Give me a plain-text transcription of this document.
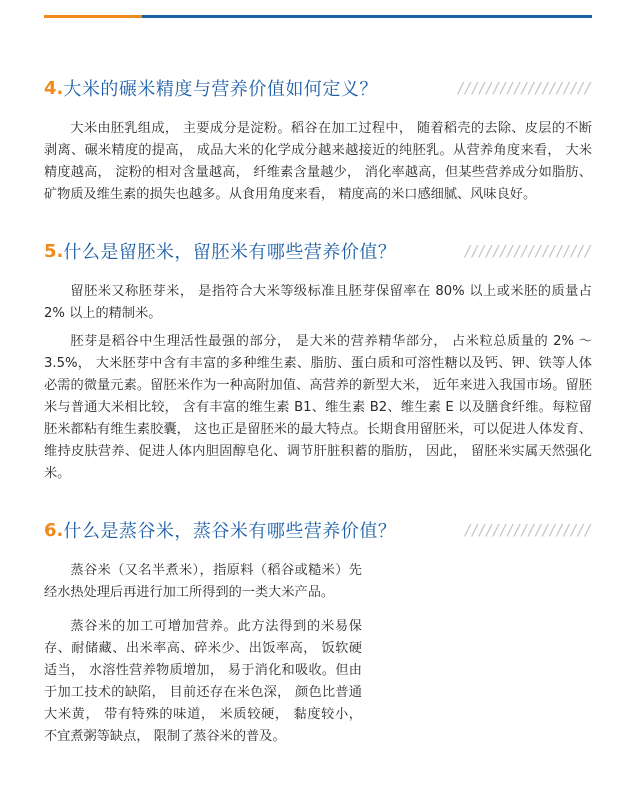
4. 大米的碾米精度与营养价值如何定义？	///////////////////

大米由胚乳组成， 主要成分是淀粉。稻谷在加工过程中， 随着稻壳的去除、皮层的不断剥离、碾米精度的提高， 成品大米的化学成分越来越接近的纯胚乳。从营养角度来看， 大米精度越高， 淀粉的相对含量越高， 纤维素含量越少， 消化率越高，但某些营养成分如脂肪、矿物质及维生素的损失也越多。从食用角度来看， 精度高的米口感细腻、风味良好。

5. 什么是留胚米，留胚米有哪些营养价值？	//////////////////

留胚米又称胚芽米， 是指符合大米等级标准且胚芽保留率在 80% 以上或米胚的质量占 2% 以上的精制米。

胚芽是稻谷中生理活性最强的部分， 是大米的营养精华部分， 占米粒总质量的 2% ～ 3.5%， 大米胚芽中含有丰富的多种维生素、脂肪、蛋白质和可溶性糖以及钙、钾、铁等人体必需的微量元素。留胚米作为一种高附加值、高营养的新型大米， 近年来进入我国市场。留胚米与普通大米相比较， 含有丰富的维生素 B1、维生素 B2、维生素 E 以及膳食纤维。每粒留胚米都粘有维生素胶囊， 这也正是留胚米的最大特点。长期食用留胚米，可以促进人体发育、维持皮肤营养、促进人体内胆固醇皂化、调节肝脏积蓄的脂肪， 因此， 留胚米实属天然强化米。

6. 什么是蒸谷米，蒸谷米有哪些营养价值？	//////////////////

蒸谷米（又名半煮米），指原料（稻谷或糙米）先经水热处理后再进行加工所得到的一类大米产品。

蒸谷米的加工可增加营养。此方法得到的米易保存、耐储藏、出米率高、碎米少、出饭率高， 饭软硬适当， 水溶性营养物质增加， 易于消化和吸收。但由于加工技术的缺陷， 目前还存在米色深， 颜色比普通大米黄， 带有特殊的味道， 米质较硬， 黏度较小， 不宜煮粥等缺点， 限制了蒸谷米的普及。
